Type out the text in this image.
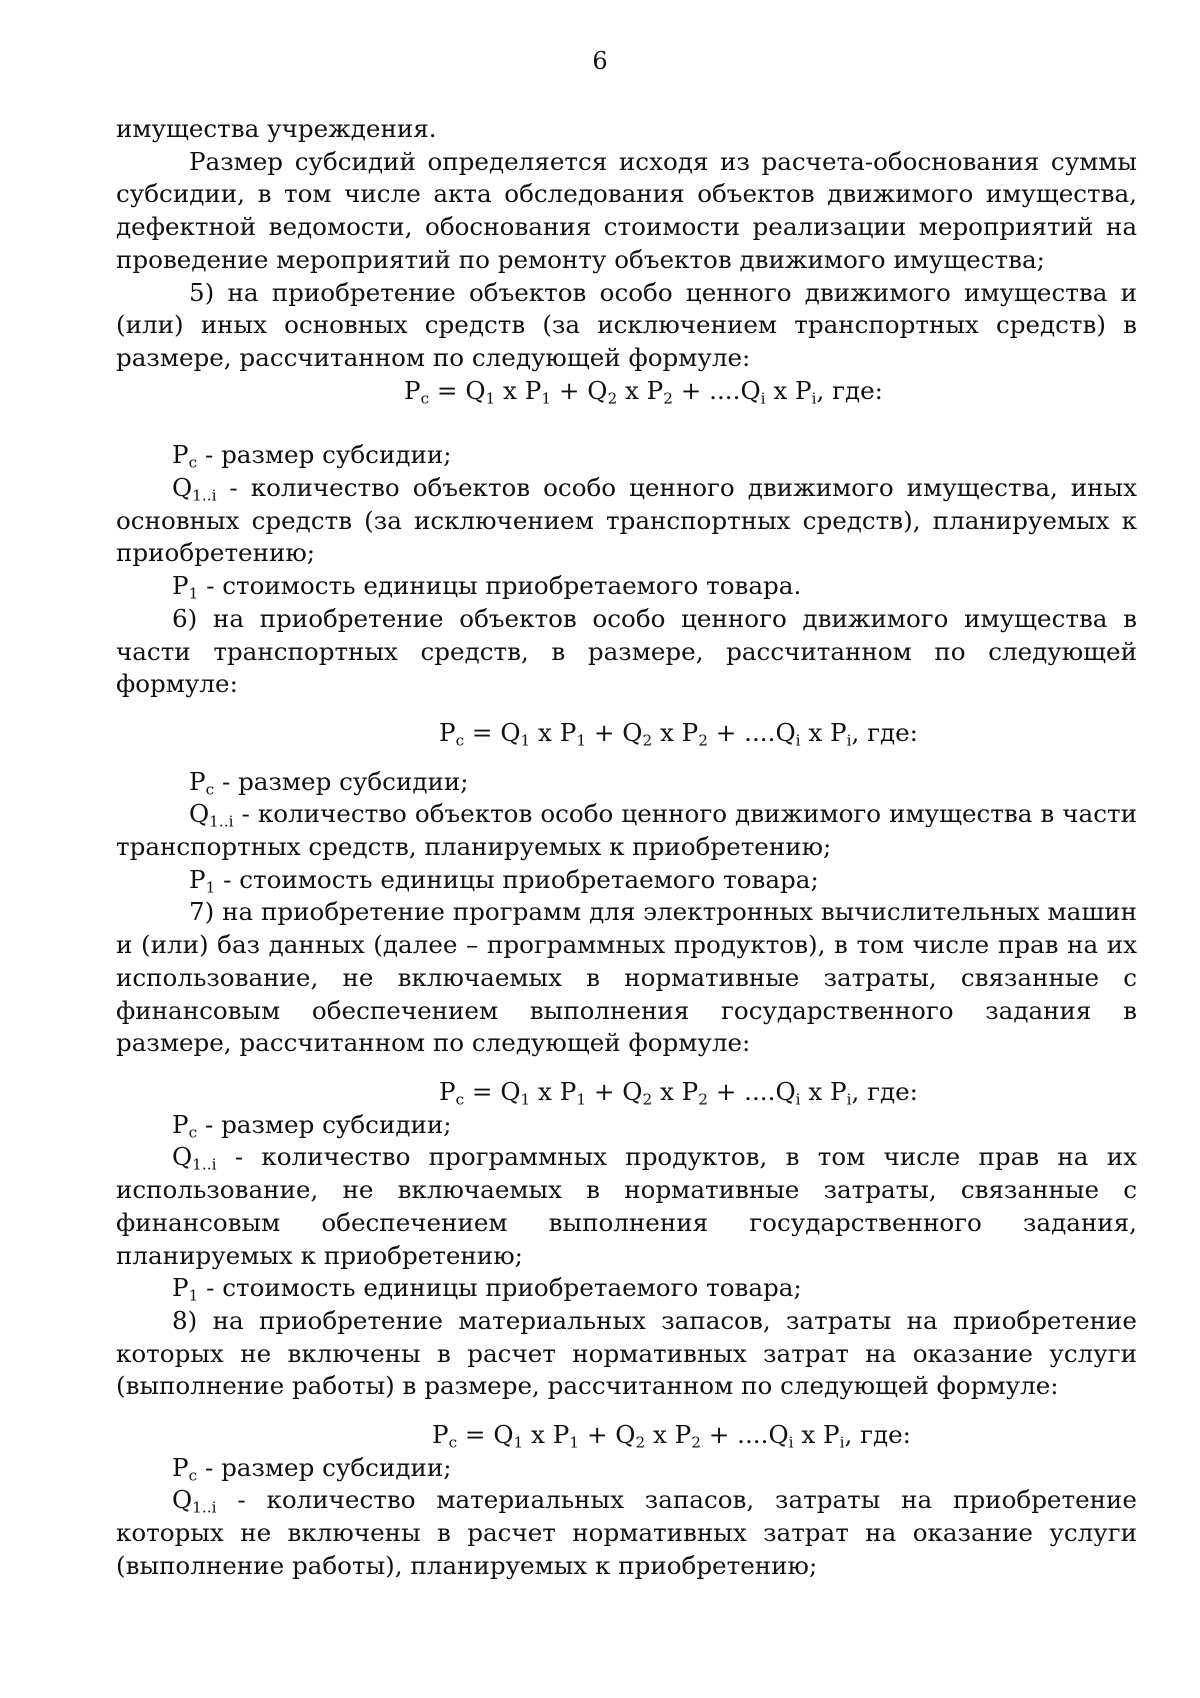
6

имущества учреждения.

Размер субсидий определяется исходя из расчета-обоснования суммы субсидии, в том числе акта обследования объектов движимого имущества, дефектной ведомости, обоснования стоимости реализации мероприятий на проведение мероприятий по ремонту объектов движимого имущества;

5) на приобретение объектов особо ценного движимого имущества и (или) иных основных средств (за исключением транспортных средств) в размере, рассчитанном по следующей формуле:

$P_c = Q_1$ x $P_1 + Q_2$ x $P_2 + ....Q_i$ x $P_i$, где:

$P_c$ - размер субсидии;

$Q_{1..i}$ - количество объектов особо ценного движимого имущества, иных основных средств (за исключением транспортных средств), планируемых к приобретению;

$P_1$ - стоимость единицы приобретаемого товара.

6) на приобретение объектов особо ценного движимого имущества в части транспортных средств, в размере, рассчитанном по следующей формуле:

$P_c = Q_1$ x $P_1 + Q_2$ x $P_2 + ....Q_i$ x $P_i$, где:

$P_c$ - размер субсидии;

$Q_{1..i}$ - количество объектов особо ценного движимого имущества в части транспортных средств, планируемых к приобретению;

$P_1$ - стоимость единицы приобретаемого товара;

7) на приобретение программ для электронных вычислительных машин и (или) баз данных (далее – программных продуктов), в том числе прав на их использование, не включаемых в нормативные затраты, связанные с финансовым обеспечением выполнения государственного задания в размере, рассчитанном по следующей формуле:

$P_c = Q_1$ x $P_1 + Q_2$ x $P_2 + ....Q_i$ x $P_i$, где:

$P_c$ - размер субсидии;

$Q_{1..i}$ - количество программных продуктов, в том числе прав на их использование, не включаемых в нормативные затраты, связанные с финансовым обеспечением выполнения государственного задания, планируемых к приобретению;

$P_1$ - стоимость единицы приобретаемого товара;

8) на приобретение материальных запасов, затраты на приобретение которых не включены в расчет нормативных затрат на оказание услуги (выполнение работы) в размере, рассчитанном по следующей формуле:

$P_c = Q_1$ x $P_1 + Q_2$ x $P_2 + ....Q_i$ x $P_i$, где:

$P_c$ - размер субсидии;

$Q_{1..i}$ - количество материальных запасов, затраты на приобретение которых не включены в расчет нормативных затрат на оказание услуги (выполнение работы), планируемых к приобретению;
